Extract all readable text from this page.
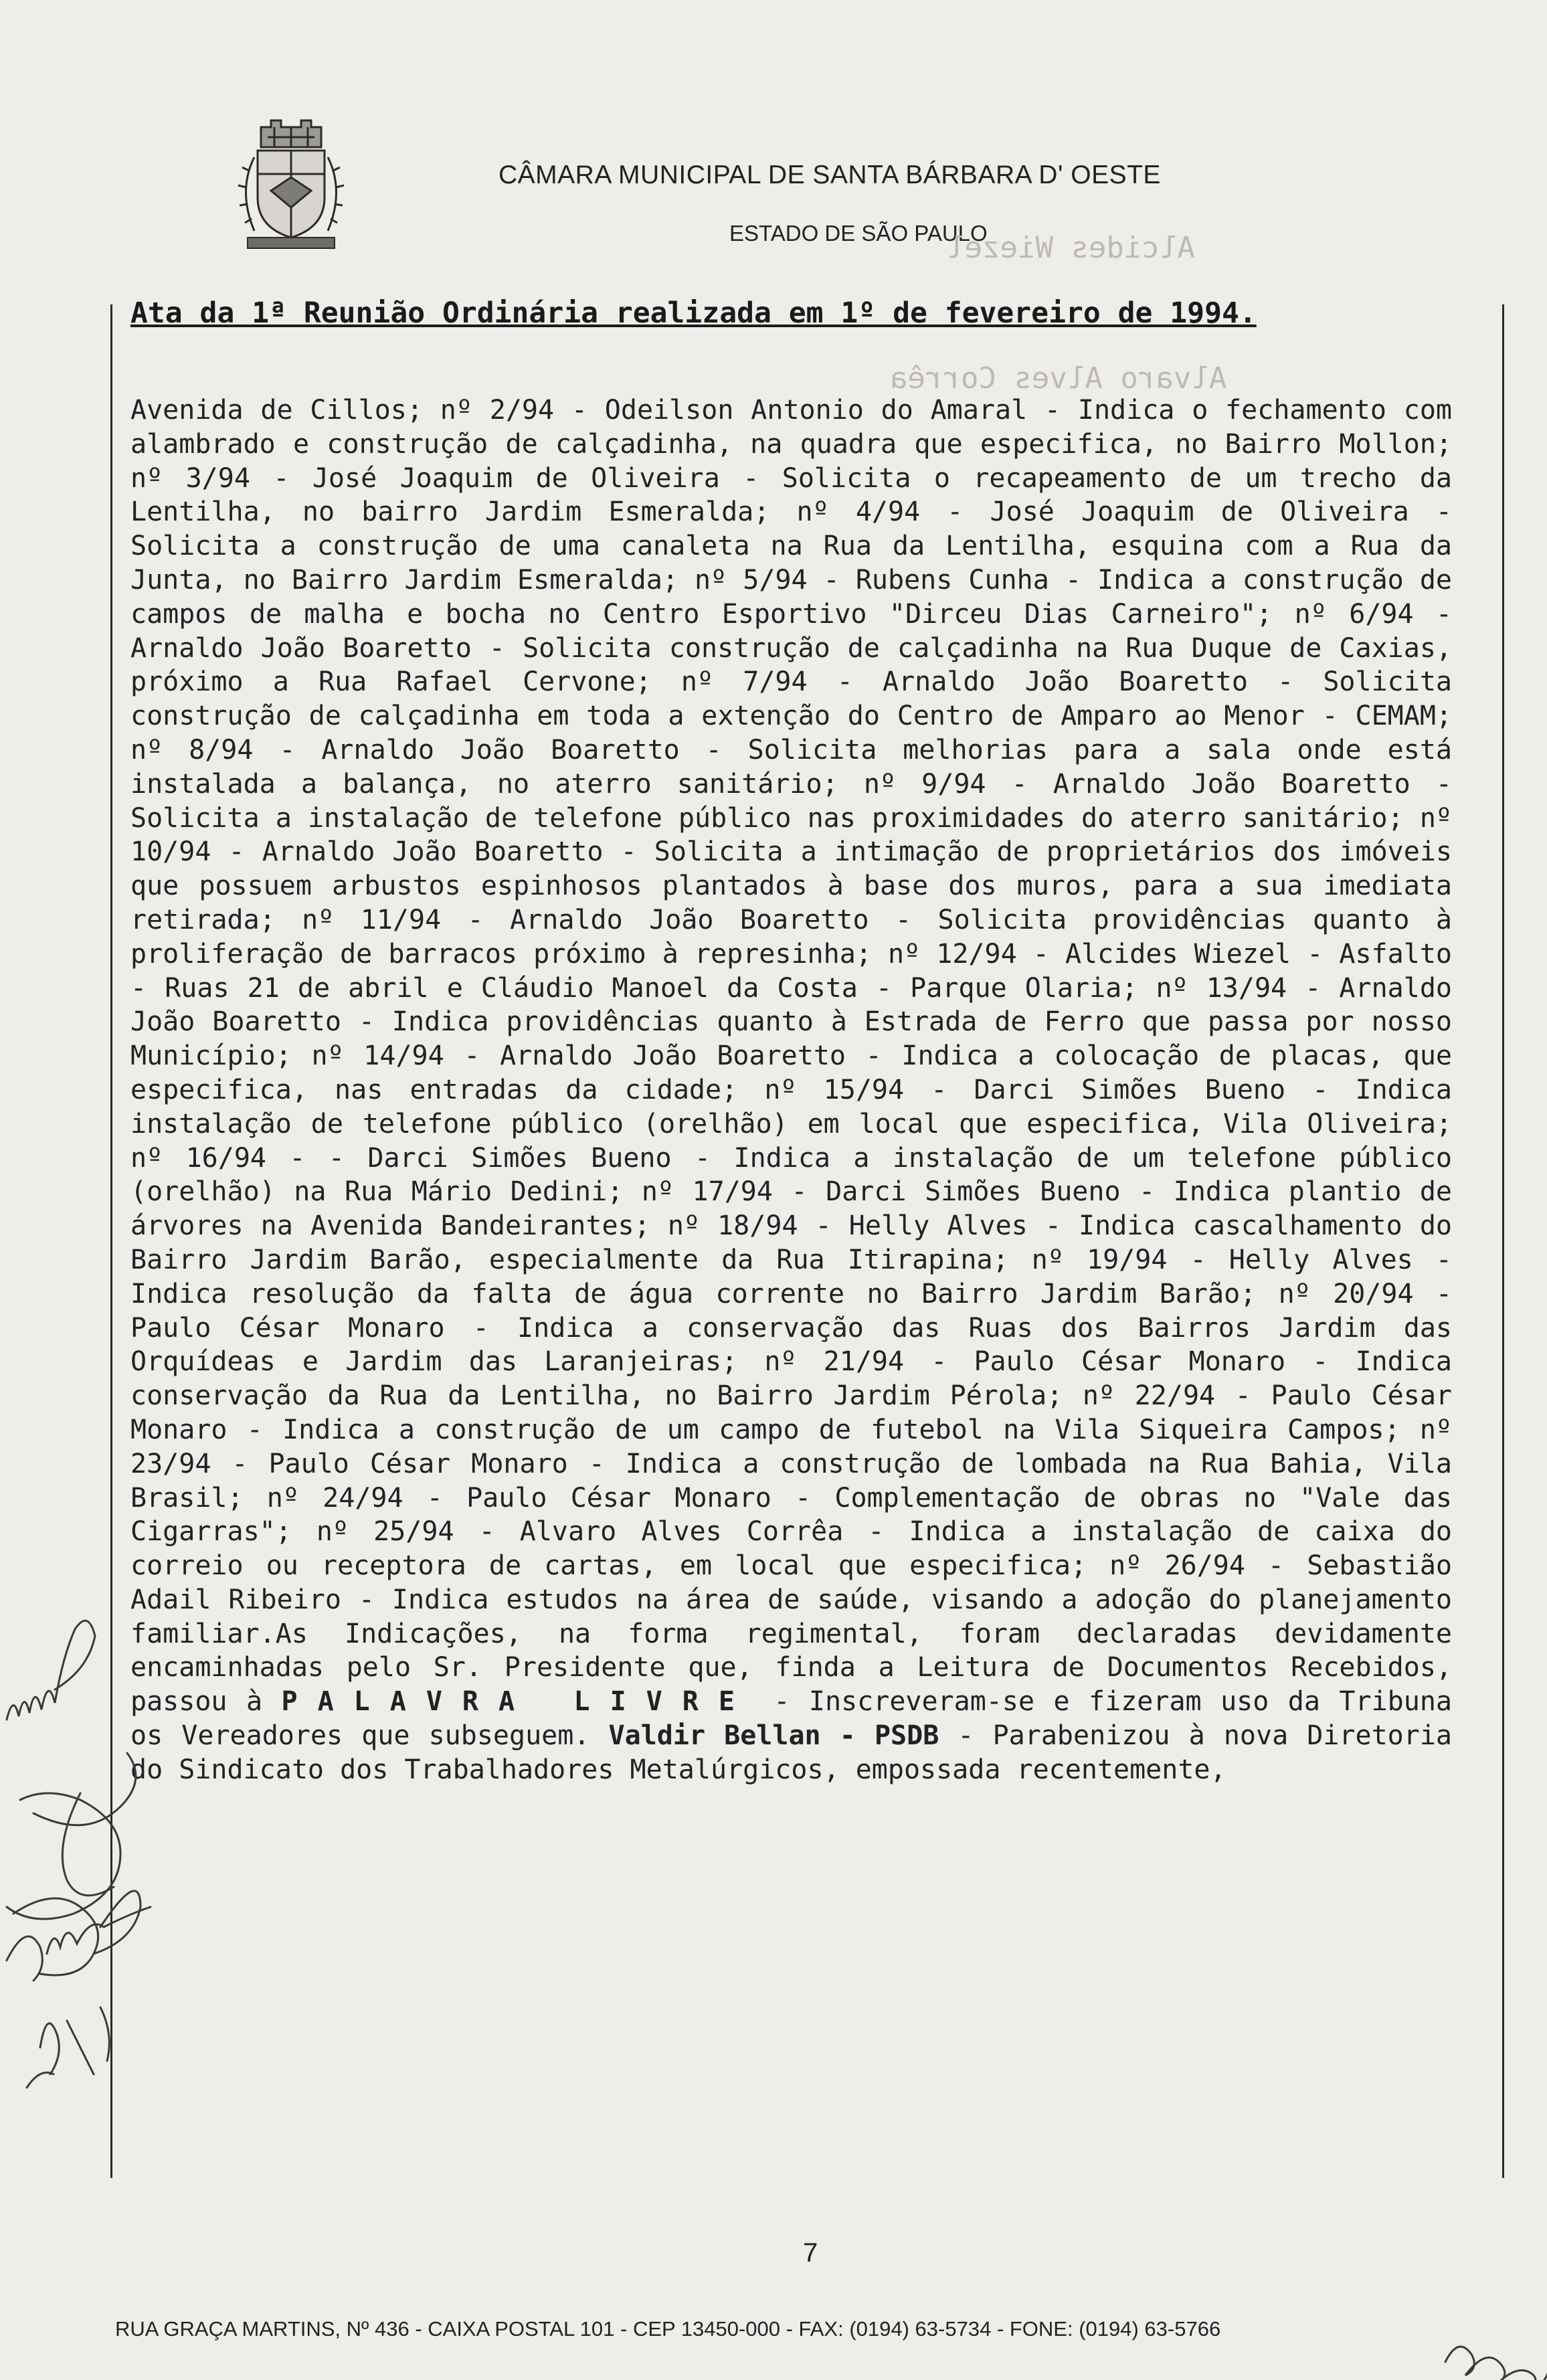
CÂMARA MUNICIPAL DE SANTA BÁRBARA D' OESTE
ESTADO DE SÃO PAULO
Alcides Wiezel
Alvaro Alves Corrêa
Ata da 1ª Reunião Ordinária realizada em 1º de fevereiro de 1994.
Avenida de Cillos; nº 2/94 - Odeilson Antonio do Amaral - Indica o fechamento com alambrado e construção de calçadinha, na quadra que especifica, no Bairro Mollon; nº 3/94 - José Joaquim de Oliveira - Solicita o recapeamento de um trecho da Lentilha, no bairro Jardim Esmeralda; nº 4/94 - José Joaquim de Oliveira - Solicita a construção de uma canaleta na Rua da Lentilha, esquina com a Rua da Junta, no Bairro Jardim Esmeralda; nº 5/94 - Rubens Cunha - Indica a construção de campos de malha e bocha no Centro Esportivo "Dirceu Dias Carneiro"; nº 6/94 - Arnaldo João Boaretto - Solicita construção de calçadinha na Rua Duque de Caxias, próximo a Rua Rafael Cervone; nº 7/94 - Arnaldo João Boaretto - Solicita construção de calçadinha em toda a extenção do Centro de Amparo ao Menor - CEMAM; nº 8/94 - Arnaldo João Boaretto - Solicita melhorias para a sala onde está instalada a balança, no aterro sanitário; nº 9/94 - Arnaldo João Boaretto - Solicita a instalação de telefone público nas proximidades do aterro sanitário; nº 10/94 - Arnaldo João Boaretto - Solicita a intimação de proprietários dos imóveis que possuem arbustos espinhosos plantados à base dos muros, para a sua imediata retirada; nº 11/94 - Arnaldo João Boaretto - Solicita providências quanto à proliferação de barracos próximo à represinha; nº 12/94 - Alcides Wiezel - Asfalto - Ruas 21 de abril e Cláudio Manoel da Costa - Parque Olaria; nº 13/94 - Arnaldo João Boaretto - Indica providências quanto à Estrada de Ferro que passa por nosso Município; nº 14/94 - Arnaldo João Boaretto - Indica a colocação de placas, que especifica, nas entradas da cidade; nº 15/94 - Darci Simões Bueno - Indica instalação de telefone público (orelhão) em local que especifica, Vila Oliveira; nº 16/94 - - Darci Simões Bueno - Indica a instalação de um telefone público (orelhão) na Rua Mário Dedini; nº 17/94 - Darci Simões Bueno - Indica plantio de árvores na Avenida Bandeirantes; nº 18/94 - Helly Alves - Indica cascalhamento do Bairro Jardim Barão, especialmente da Rua Itirapina; nº 19/94 - Helly Alves - Indica resolução da falta de água corrente no Bairro Jardim Barão; nº 20/94 - Paulo César Monaro - Indica a conservação das Ruas dos Bairros Jardim das Orquídeas e Jardim das Laranjeiras; nº 21/94 - Paulo César Monaro - Indica conservação da Rua da Lentilha, no Bairro Jardim Pérola; nº 22/94 - Paulo César Monaro - Indica a construção de um campo de futebol na Vila Siqueira Campos; nº 23/94 - Paulo César Monaro - Indica a construção de lombada na Rua Bahia, Vila Brasil; nº 24/94 - Paulo César Monaro - Complementação de obras no "Vale das Cigarras"; nº 25/94 - Alvaro Alves Corrêa - Indica a instalação de caixa do correio ou receptora de cartas, em local que especifica; nº 26/94 - Sebastião Adail Ribeiro - Indica estudos na área de saúde, visando a adoção do planejamento familiar.As Indicações, na forma regimental, foram declaradas devidamente encaminhadas pelo Sr. Presidente que, finda a Leitura de Documentos Recebidos, passou à PALAVRA LIVRE - Inscreveram-se e fizeram uso da Tribuna os Vereadores que subseguem. Valdir Bellan - PSDB - Parabenizou à nova Diretoria do Sindicato dos Trabalhadores Metalúrgicos, empossada recentemente,
7
RUA GRAÇA MARTINS, Nº 436 - CAIXA POSTAL 101 - CEP 13450-000 - FAX: (0194) 63-5734 - FONE: (0194) 63-5766
